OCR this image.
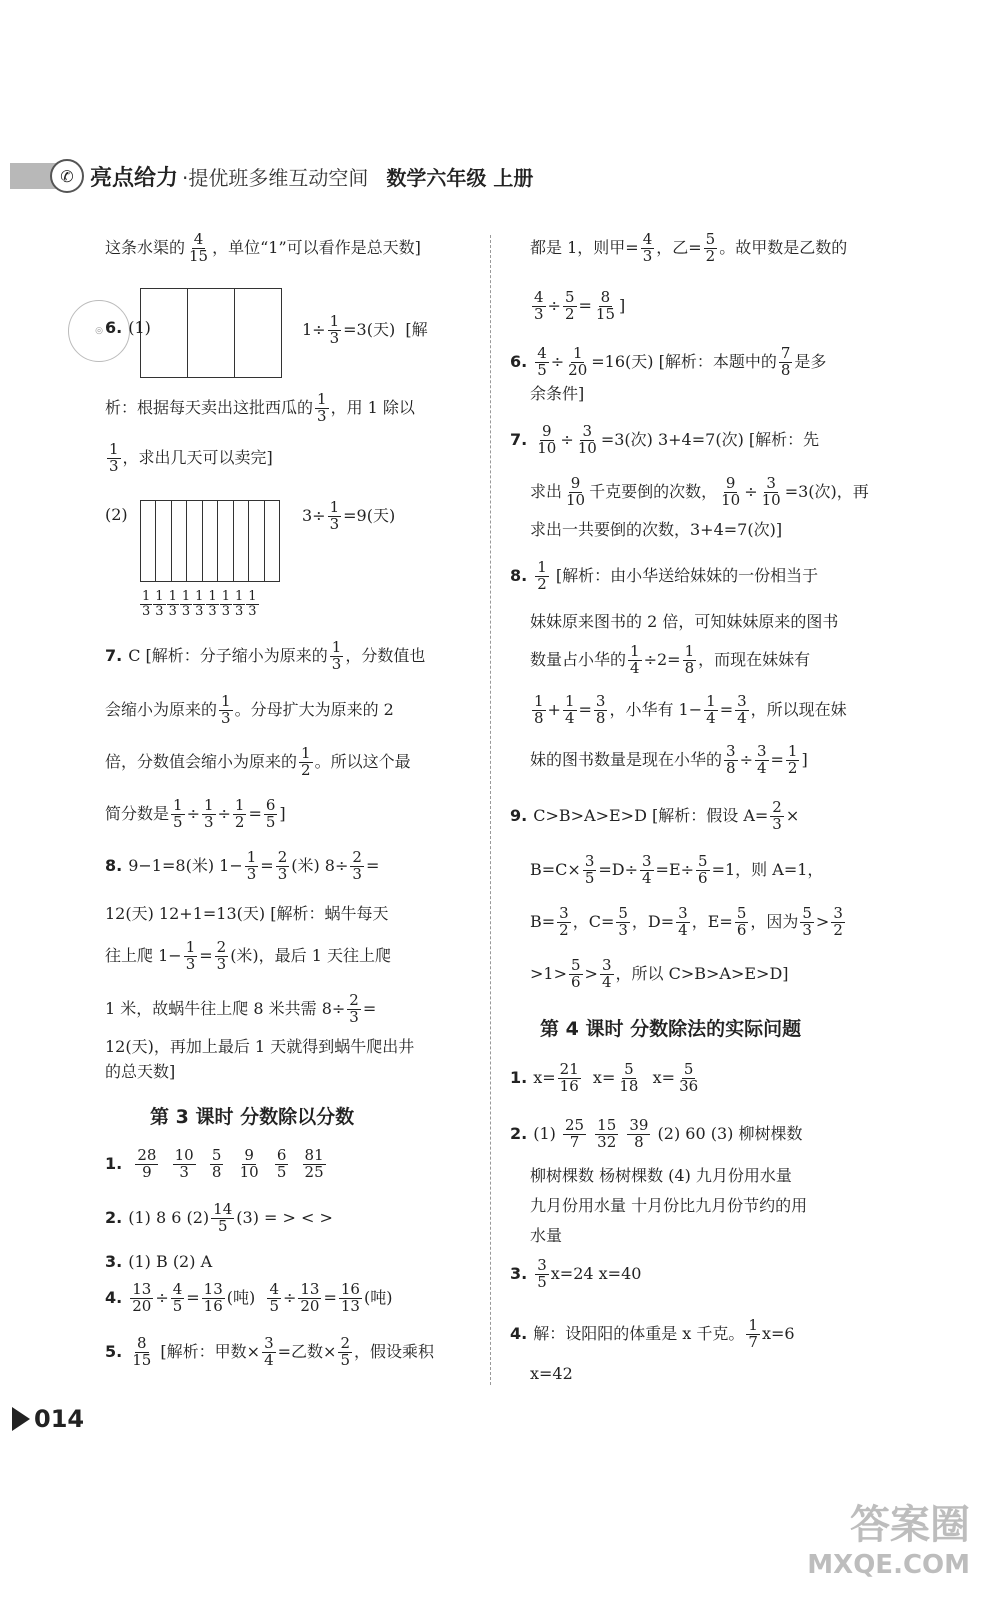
✆ 亮点给力 ·提优班多维互动空间 数学六年级 上册
◎
$\frac{1}{3} \frac{1}{3} \frac{1}{3} \frac{1}{3} \frac{1}{3} \frac{1}{3} \frac{1}{3} \frac{1}{3} \frac{1}{3}$
这条水渠的 $\frac{4}{15}$ ，单位“1”可以看作是总天数]
6. (1)	$1\div \frac{1}{3} =3$(天) [解
析：根据每天卖出这批西瓜的 $\frac{1}{3}$ ，用 1 除以
$\frac{1}{3}$ ，求出几天可以卖完]
(2)	$3\div \frac{1}{3} =9$(天)
7. C [解析：分子缩小为原来的 $\frac{1}{3}$ ，分数值也
会缩小为原来的 $\frac{1}{3}$ 。分母扩大为原来的 2
倍，分数值会缩小为原来的 $\frac{1}{2}$ 。所以这个最
简分数是 $\frac{1}{5} \div \frac{1}{3} \div \frac{1}{2} = \frac{6}{5}$ ]
8. 9−1=8(米) $1- \frac{1}{3} = \frac{2}{3}$ (米) $8\div \frac{2}{3}$ =
12(天) 12+1=13(天) [解析：蜗牛每天
往上爬 $1- \frac{1}{3} = \frac{2}{3}$ (米)，最后 1 天往上爬
1 米，故蜗牛往上爬 8 米共需 $8\div \frac{2}{3}$ =
12(天)，再加上最后 1 天就得到蜗牛爬出井
的总天数]
第 3 课时 分数除以分数
1. $\frac{28}{9}$
$\frac{10}{3}$
$\frac{5}{8}$
$\frac{9}{10}$
$\frac{6}{5}$
$\frac{81}{25}$
2. (1) 8 6 $(2) \frac{14}{5} (3)$ = > < >
3. (1) B (2) A
4. $\frac{13}{20} \div \frac{4}{5} = \frac{13}{16}$ (吨) $\frac{4}{5} \div \frac{13}{20} = \frac{16}{13}$ (吨)
5. $\frac{8}{15}$ [解析：甲数× $\frac{3}{4}$ =乙数× $\frac{2}{5}$ ，假设乘积
都是 1，则甲= $\frac{4}{3}$ ，乙= $\frac{5}{2}$ 。故甲数是乙数的
$\frac{4}{3} \div \frac{5}{2} = \frac{8}{15}$ ]
6. $\frac{4}{5} \div \frac{1}{20} =16$(天) [解析：本题中的 $\frac{7}{8}$ 是多
余条件]
7. $\frac{9}{10} \div \frac{3}{10} =3$(次) 3+4=7(次) [解析：先
求出 $\frac{9}{10}$ 千克要倒的次数， $\frac{9}{10} \div \frac{3}{10} =3$(次)，再
求出一共要倒的次数，3+4=7(次)]
8. $\frac{1}{2}$ [解析：由小华送给妹妹的一份相当于
妹妹原来图书的 2 倍，可知妹妹原来的图书
数量占小华的 $\frac{1}{4} \div 2= \frac{1}{8}$ ，而现在妹妹有
$\frac{1}{8} + \frac{1}{4} = \frac{3}{8}$ ，小华有 $1- \frac{1}{4} = \frac{3}{4}$ ，所以现在妹
妹的图书数量是现在小华的 $\frac{3}{8} \div \frac{3}{4} = \frac{1}{2}$ ]
9. C>B>A>E>D [解析：假设 $A= \frac{2}{3}$ ×
$B=C\times \frac{3}{5} =D\div \frac{3}{4} =E\div \frac{5}{6} =1$，则 A=1，
$B= \frac{3}{2}$ ，$C= \frac{5}{3}$ ，$D= \frac{3}{4}$ ，$E= \frac{5}{6}$ ，因为 $\frac{5}{3} > \frac{3}{2}$
$>1> \frac{5}{6} > \frac{3}{4}$ ，所以 C>B>A>E>D]
第 4 课时 分数除法的实际问题
1. $x= \frac{21}{16} x= \frac{5}{18} x= \frac{5}{36}$
2. $(1) \frac{25}{7}$
$\frac{15}{32}$
$\frac{39}{8} (2)$ 60 (3) 柳树棵数
柳树棵数 杨树棵数 (4) 九月份用水量
九月份用水量 十月份比九月份节约的用
水量
3. $\frac{3}{5} x=24$ x=40
4. 解：设阳阳的体重是 x 千克。 $\frac{1}{7} x=6$
x=42
014
答案圈
MXQE.COM
